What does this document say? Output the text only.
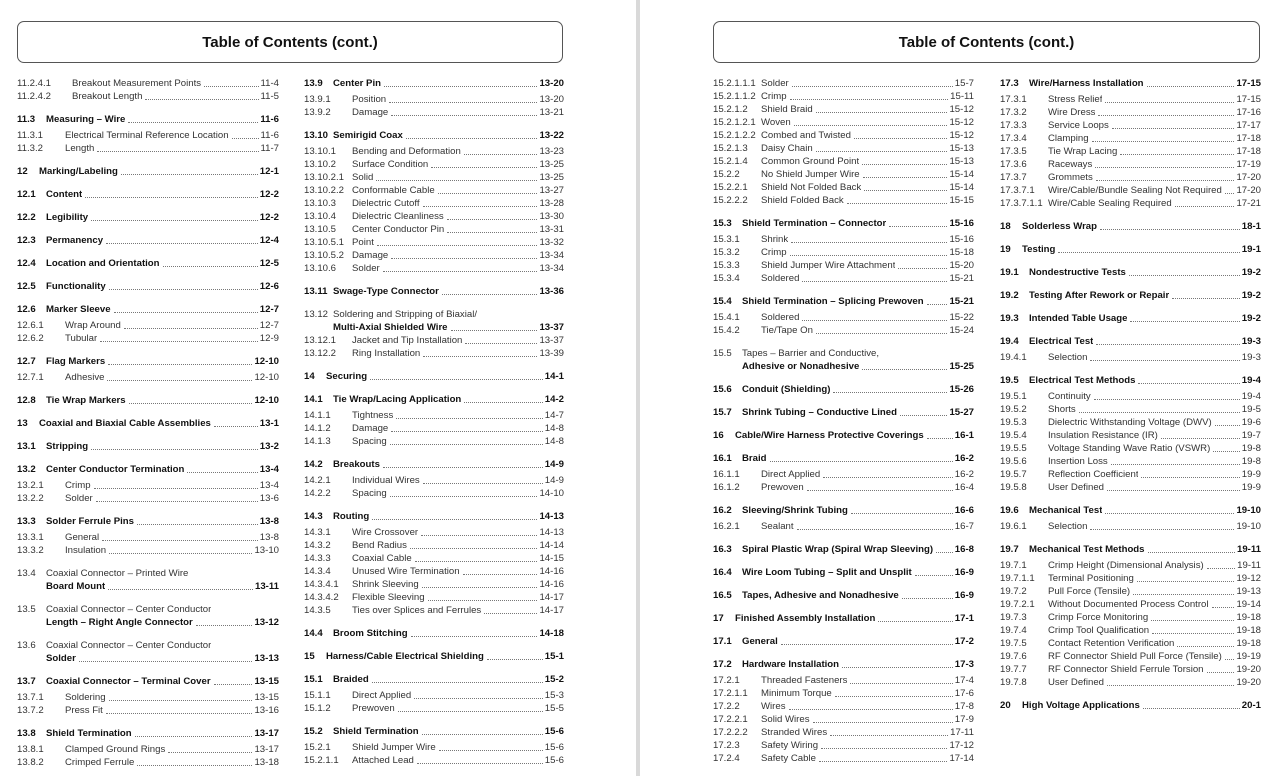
Table of Contents (cont.)
11.2.4.1	Breakout Measurement Points	11-4
11.2.4.2	Breakout Length	11-5
11.3	Measuring – Wire	11-6
11.3.1	Electrical Terminal Reference Location	11-6
11.3.2	Length	11-7
12	Marking/Labeling	12-1
12.1	Content	12-2
12.2	Legibility	12-2
12.3	Permanency	12-4
12.4	Location and Orientation	12-5
12.5	Functionality	12-6
12.6	Marker Sleeve	12-7
12.6.1	Wrap Around	12-7
12.6.2	Tubular	12-9
12.7	Flag Markers	12-10
12.7.1	Adhesive	12-10
12.8	Tie Wrap Markers	12-10
13	Coaxial and Biaxial Cable Assemblies	13-1
13.1	Stripping	13-2
13.2	Center Conductor Termination	13-4
13.2.1	Crimp	13-4
13.2.2	Solder	13-6
13.3	Solder Ferrule Pins	13-8
13.3.1	General	13-8
13.3.2	Insulation	13-10
13.4	Coaxial Connector – Printed Wire
Board Mount	13-11
13.5	Coaxial Connector – Center Conductor
Length – Right Angle Connector	13-12
13.6	Coaxial Connector – Center Conductor
Solder	13-13
13.7	Coaxial Connector – Terminal Cover	13-15
13.7.1	Soldering	13-15
13.7.2	Press Fit	13-16
13.8	Shield Termination	13-17
13.8.1	Clamped Ground Rings	13-17
13.8.2	Crimped Ferrule	13-18
13.9	Center Pin	13-20
13.9.1	Position	13-20
13.9.2	Damage	13-21
13.10 Semirigid Coax	13-22
13.10.1	Bending and Deformation	13-23
13.10.2	Surface Condition	13-25
13.10.2.1 Solid	13-25
13.10.2.2 Conformable Cable	13-27
13.10.3	Dielectric Cutoff	13-28
13.10.4	Dielectric Cleanliness	13-30
13.10.5	Center Conductor Pin	13-31
13.10.5.1 Point	13-32
13.10.5.2 Damage	13-34
13.10.6	Solder	13-34
13.11 Swage-Type Connector	13-36
13.12 Soldering and Stripping of Biaxial/
Multi-Axial Shielded Wire	13-37
13.12.1	Jacket and Tip Installation	13-37
13.12.2	Ring Installation	13-39
14	Securing	14-1
14.1	Tie Wrap/Lacing Application	14-2
14.1.1	Tightness	14-7
14.1.2	Damage	14-8
14.1.3	Spacing	14-8
14.2	Breakouts	14-9
14.2.1	Individual Wires	14-9
14.2.2	Spacing	14-10
14.3	Routing	14-13
14.3.1	Wire Crossover	14-13
14.3.2	Bend Radius	14-14
14.3.3	Coaxial Cable	14-15
14.3.4	Unused Wire Termination	14-16
14.3.4.1	Shrink Sleeving	14-16
14.3.4.2	Flexible Sleeving	14-17
14.3.5	Ties over Splices and Ferrules	14-17
14.4	Broom Stitching	14-18
15	Harness/Cable Electrical Shielding	15-1
15.1	Braided	15-2
15.1.1	Direct Applied	15-3
15.1.2	Prewoven	15-5
15.2	Shield Termination	15-6
15.2.1	Shield Jumper Wire	15-6
15.2.1.1	Attached Lead	15-6
Table of Contents (cont.)
15.2.1.1.1 Solder	15-7
15.2.1.1.2 Crimp	15-11
15.2.1.2	Shield Braid	15-12
15.2.1.2.1 Woven	15-12
15.2.1.2.2 Combed and Twisted	15-12
15.2.1.3	Daisy Chain	15-13
15.2.1.4	Common Ground Point	15-13
15.2.2	No Shield Jumper Wire	15-14
15.2.2.1	Shield Not Folded Back	15-14
15.2.2.2	Shield Folded Back	15-15
15.3	Shield Termination – Connector	15-16
15.3.1	Shrink	15-16
15.3.2	Crimp	15-18
15.3.3	Shield Jumper Wire Attachment	15-20
15.3.4	Soldered	15-21
15.4	Shield Termination – Splicing Prewoven	15-21
15.4.1	Soldered	15-22
15.4.2	Tie/Tape On	15-24
15.5	Tapes – Barrier and Conductive,
Adhesive or Nonadhesive	15-25
15.6	Conduit (Shielding)	15-26
15.7	Shrink Tubing – Conductive Lined	15-27
16	Cable/Wire Harness Protective Coverings	16-1
16.1	Braid	16-2
16.1.1	Direct Applied	16-2
16.1.2	Prewoven	16-4
16.2	Sleeving/Shrink Tubing	16-6
16.2.1	Sealant	16-7
16.3	Spiral Plastic Wrap (Spiral Wrap Sleeving) 16-8
16.4	Wire Loom Tubing – Split and Unsplit	16-9
16.5	Tapes, Adhesive and Nonadhesive	16-9
17	Finished Assembly Installation	17-1
17.1	General	17-2
17.2	Hardware Installation	17-3
17.2.1	Threaded Fasteners	17-4
17.2.1.1	Minimum Torque	17-6
17.2.2	Wires	17-8
17.2.2.1	Solid Wires	17-9
17.2.2.2	Stranded Wires	17-11
17.2.3	Safety Wiring	17-12
17.2.4	Safety Cable	17-14
17.3	Wire/Harness Installation	17-15
17.3.1	Stress Relief	17-15
17.3.2	Wire Dress	17-16
17.3.3	Service Loops	17-17
17.3.4	Clamping	17-18
17.3.5	Tie Wrap Lacing	17-18
17.3.6	Raceways	17-19
17.3.7	Grommets	17-20
17.3.7.1	Wire/Cable/Bundle Sealing Not Required 17-20
17.3.7.1.1 Wire/Cable Sealing Required	17-21
18	Solderless Wrap	18-1
19	Testing	19-1
19.1	Nondestructive Tests	19-2
19.2	Testing After Rework or Repair	19-2
19.3	Intended Table Usage	19-2
19.4	Electrical Test	19-3
19.4.1	Selection	19-3
19.5	Electrical Test Methods	19-4
19.5.1	Continuity	19-4
19.5.2	Shorts	19-5
19.5.3	Dielectric Withstanding Voltage (DWV)	19-6
19.5.4	Insulation Resistance (IR)	19-7
19.5.5	Voltage Standing Wave Ratio (VSWR)	19-8
19.5.6	Insertion Loss	19-8
19.5.7	Reflection Coefficient	19-9
19.5.8	User Defined	19-9
19.6	Mechanical Test	19-10
19.6.1	Selection	19-10
19.7	Mechanical Test Methods	19-11
19.7.1	Crimp Height (Dimensional Analysis)	19-11
19.7.1.1	Terminal Positioning	19-12
19.7.2	Pull Force (Tensile)	19-13
19.7.2.1	Without Documented Process Control	19-14
19.7.3	Crimp Force Monitoring	19-18
19.7.4	Crimp Tool Qualification	19-18
19.7.5	Contact Retention Verification	19-18
19.7.6	RF Connector Shield Pull Force (Tensile) 19-19
19.7.7	RF Connector Shield Ferrule Torsion	19-20
19.7.8	User Defined	19-20
20	High Voltage Applications	20-1
